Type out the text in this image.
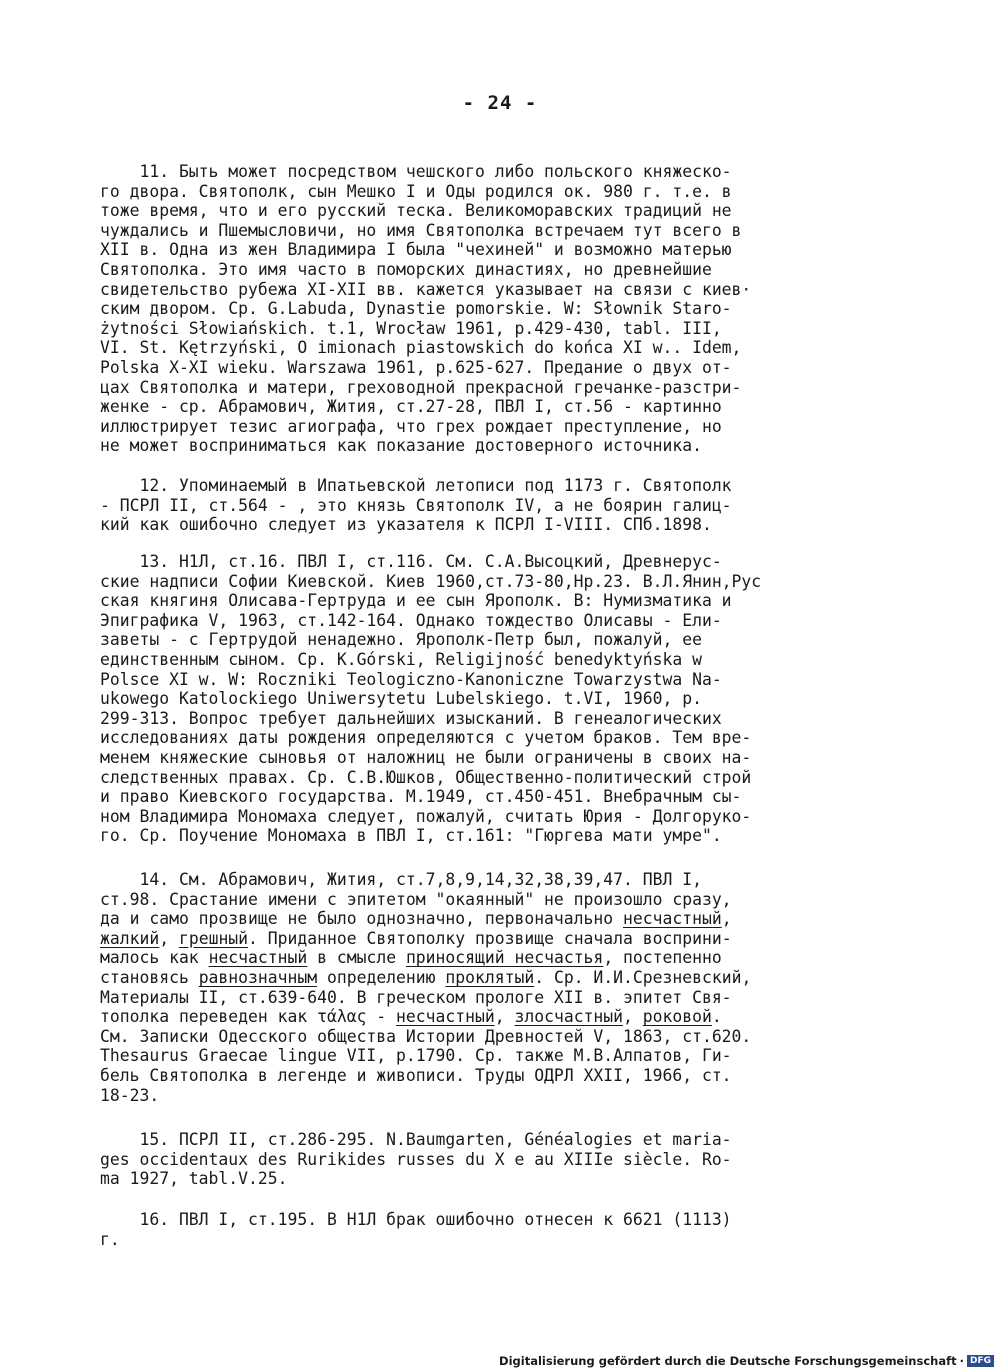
- 24 -
11. Быть может посредством чешского либо польского княжеско-
го двора. Святополк, сын Мешко I и Оды родился ок. 980 г. т.е. в
тоже время, что и его русский теска. Великоморавских традиций не
чуждались и Пшемысловичи, но имя Святополка встречаем тут всего в
XII в. Одна из жен Владимира I была "чехиней" и возможно матерью
Святополка. Это имя часто в поморских династиях, но древнейшие
свидетельство рубежа XI-XII вв. кажется указывает на связи с киев·
ским двором. Ср. G.Labuda, Dynastie pomorskie. W: Słownik Staro-
żytności Słowiańskich. t.1, Wrocław 1961, p.429-430, tabl. III,
VI. St. Kętrzyński, O imionach piastowskich do końca XI w.. Idem,
Polska X-XI wieku. Warszawa 1961, p.625-627. Предание о двух от-
цах Святополка и матери, греховодной прекрасной гречанке-разстри-
женке - ср. Абрамович, Жития, ст.27-28, ПВЛ I, ст.56 - картинно
иллюстрирует тезис агиографа, что грех рождает преступление, но
не может восприниматься как показание достоверного источника.
12. Упоминаемый в Ипатьевской летописи под 1173 г. Святополк
- ПСРЛ II, ст.564 - , это князь Святополк IV, а не боярин галиц-
кий как ошибочно следует из указателя к ПСРЛ I-VIII. СПб.1898.
13. Н1Л, ст.16. ПВЛ I, ст.116. См. С.А.Высоцкий, Древнерус-
ские надписи Софии Киевской. Киев 1960,ст.73-80,Нр.23. В.Л.Янин,Рус
ская княгиня Олисава-Гертруда и ее сын Ярополк. В: Нумизматика и
Эпиграфика V, 1963, ст.142-164. Однако тождество Олисавы - Ели-
заветы - с Гертрудой ненадежно. Ярополк-Петр был, пожалуй, ее
единственным сыном. Ср. K.Górski, Religijność benedyktyńska w
Polsce XI w. W: Roczniki Teologiczno-Kanoniczne Towarzystwa Na-
ukowego Katolockiego Uniwersytetu Lubelskiego. t.VI, 1960, p.
299-313. Вопрос требует дальнейших изысканий. В генеалогических
исследованиях даты рождения определяются с учетом браков. Тем вре-
менем княжеские сыновья от наложниц не были ограничены в своих на-
следственных правах. Ср. С.В.Юшков, Общественно-политический строй
и право Киевского государства. М.1949, ст.450-451. Внебрачным сы-
ном Владимира Мономаха следует, пожалуй, считать Юрия - Долгоруко-
го. Ср. Поучение Мономаха в ПВЛ I, ст.161: "Гюргева мати умре".
14. См. Абрамович, Жития, ст.7,8,9,14,32,38,39,47. ПВЛ I,
ст.98. Срастание имени с эпитетом "окаянный" не произошло сразу,
да и само прозвище не было однозначно, первоначально несчастный,
жалкий, грешный. Приданное Святополку прозвище сначала восприни-
малось как несчастный в смысле приносящий несчастья, постепенно
становясь равнозначным определению проклятый. Ср. И.И.Срезневский,
Материалы II, ст.639-640. В греческом прологе XII в. эпитет Свя-
тополка переведен как τάλας - несчастный, злосчастный, роковой.
См. Записки Одесского общества Истории Древностей V, 1863, ст.620.
Thesaurus Graecae lingue VII, p.1790. Ср. также М.В.Алпатов, Ги-
бель Святополка в легенде и живописи. Труды ОДРЛ XXII, 1966, ст.
18-23.
15. ПСРЛ II, ст.286-295. N.Baumgarten, Généalogies et maria-
ges occidentaux des Rurikides russes du X e au XIIIe siècle. Ro-
ma 1927, tabl.V.25.
16. ПВЛ I, ст.195. В Н1Л брак ошибочно отнесен к 6621 (1113)
г.
Digitalisierung gefördert durch die Deutsche Forschungsgemeinschaft · DFG
